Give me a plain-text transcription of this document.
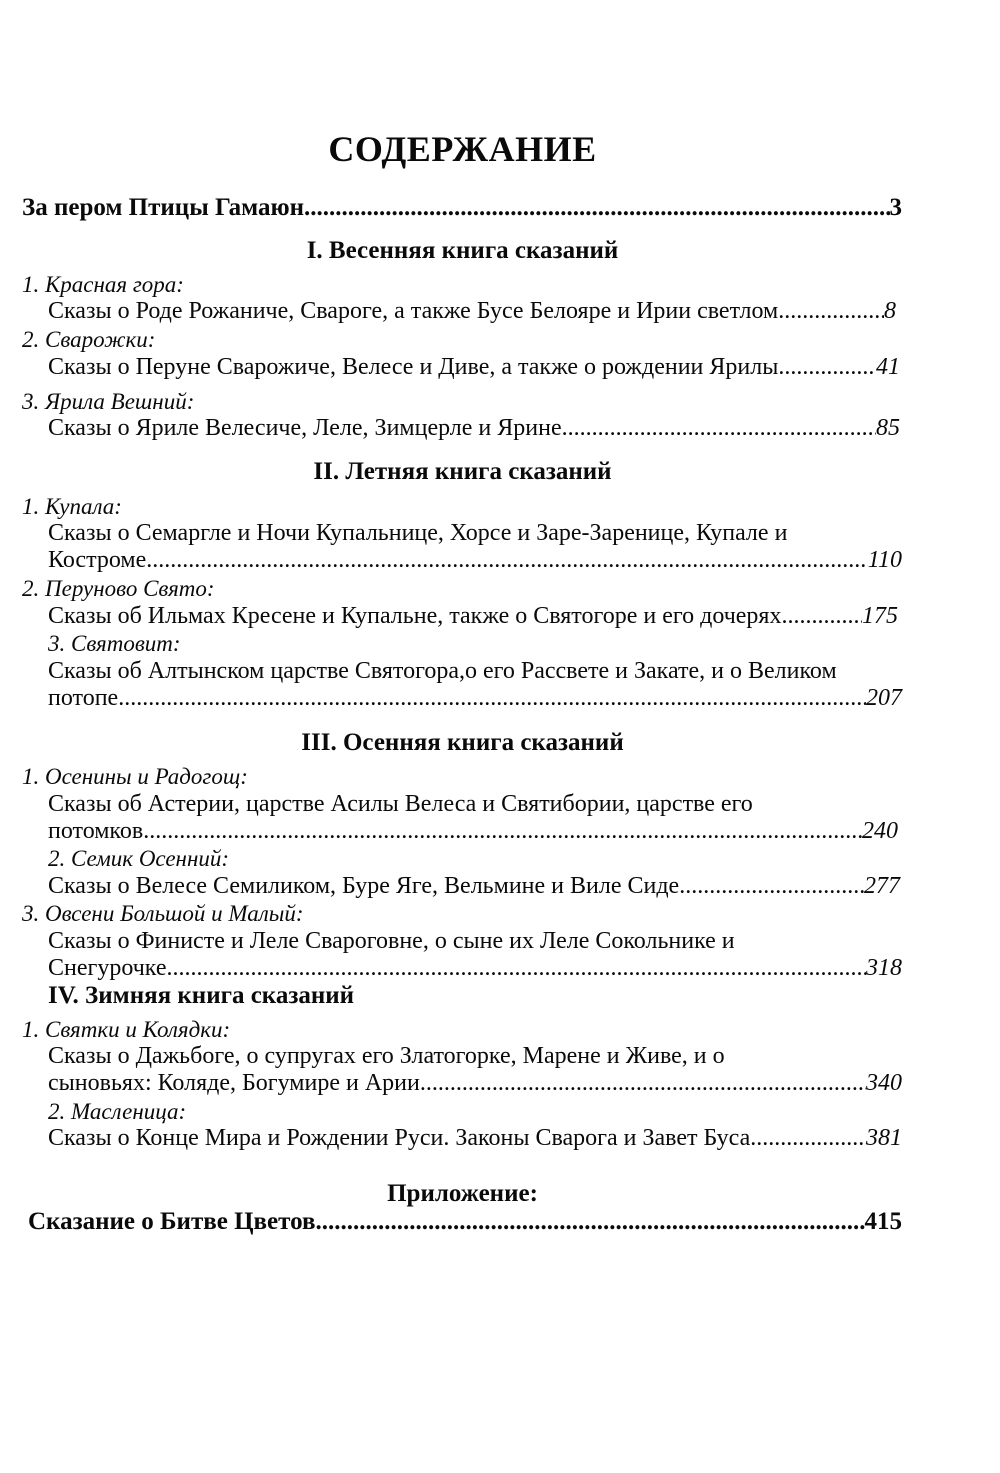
СОДЕРЖАНИЕ
За пером Птицы Гамаюн .....	3
I. Весенняя книга сказаний
1. Красная гора:
Сказы о Роде Рожаниче, Свароге, а также Бусе Белояре и Ирии светлом .....	8
2. Сварожки:
Сказы о Перуне Сварожиче, Велесе и Диве, а также о рождении Ярилы .....	41
3. Ярила Вешний:
Сказы о Яриле Велесиче, Леле, Зимцерле и Ярине .....	85
II. Летняя книга сказаний
1. Купала:
Сказы о Семаргле и Ночи Купальнице, Хорсе и Заре-Заренице, Купале и
Костроме .....	110
2. Перуново Свято:
Сказы об Ильмах Кресене и Купальне, также о Святогоре и его дочерях .....	175
3. Святовит:
Сказы об Алтынском царстве Святогора,о его Рассвете и Закате, и о Великом
потопе .....	207
III. Осенняя книга сказаний
1. Осенины и Радогощ:
Сказы об Астерии, царстве Асилы Велеса и Святибории, царстве его
потомков .....	240
2. Семик Осенний:
Сказы о Велесе Семиликом, Буре Яге, Вельмине и Виле Сиде .....	277
3. Овсени Большой и Малый:
Сказы о Финисте и Леле Свароговне, о сыне их Леле Сокольнике и
Снегурочке .....	318
IV. Зимняя книга сказаний
1. Святки и Колядки:
Сказы о Дажьбоге, о супругах его Златогорке, Марене и Живе, и о
сыновьях: Коляде, Богумире и Арии .....	340
2. Масленица:
Сказы о Конце Мира и Рождении Руси. Законы Сварога и Завет Буса .....	381
Приложение:
Сказание о Битве Цветов .....	415
